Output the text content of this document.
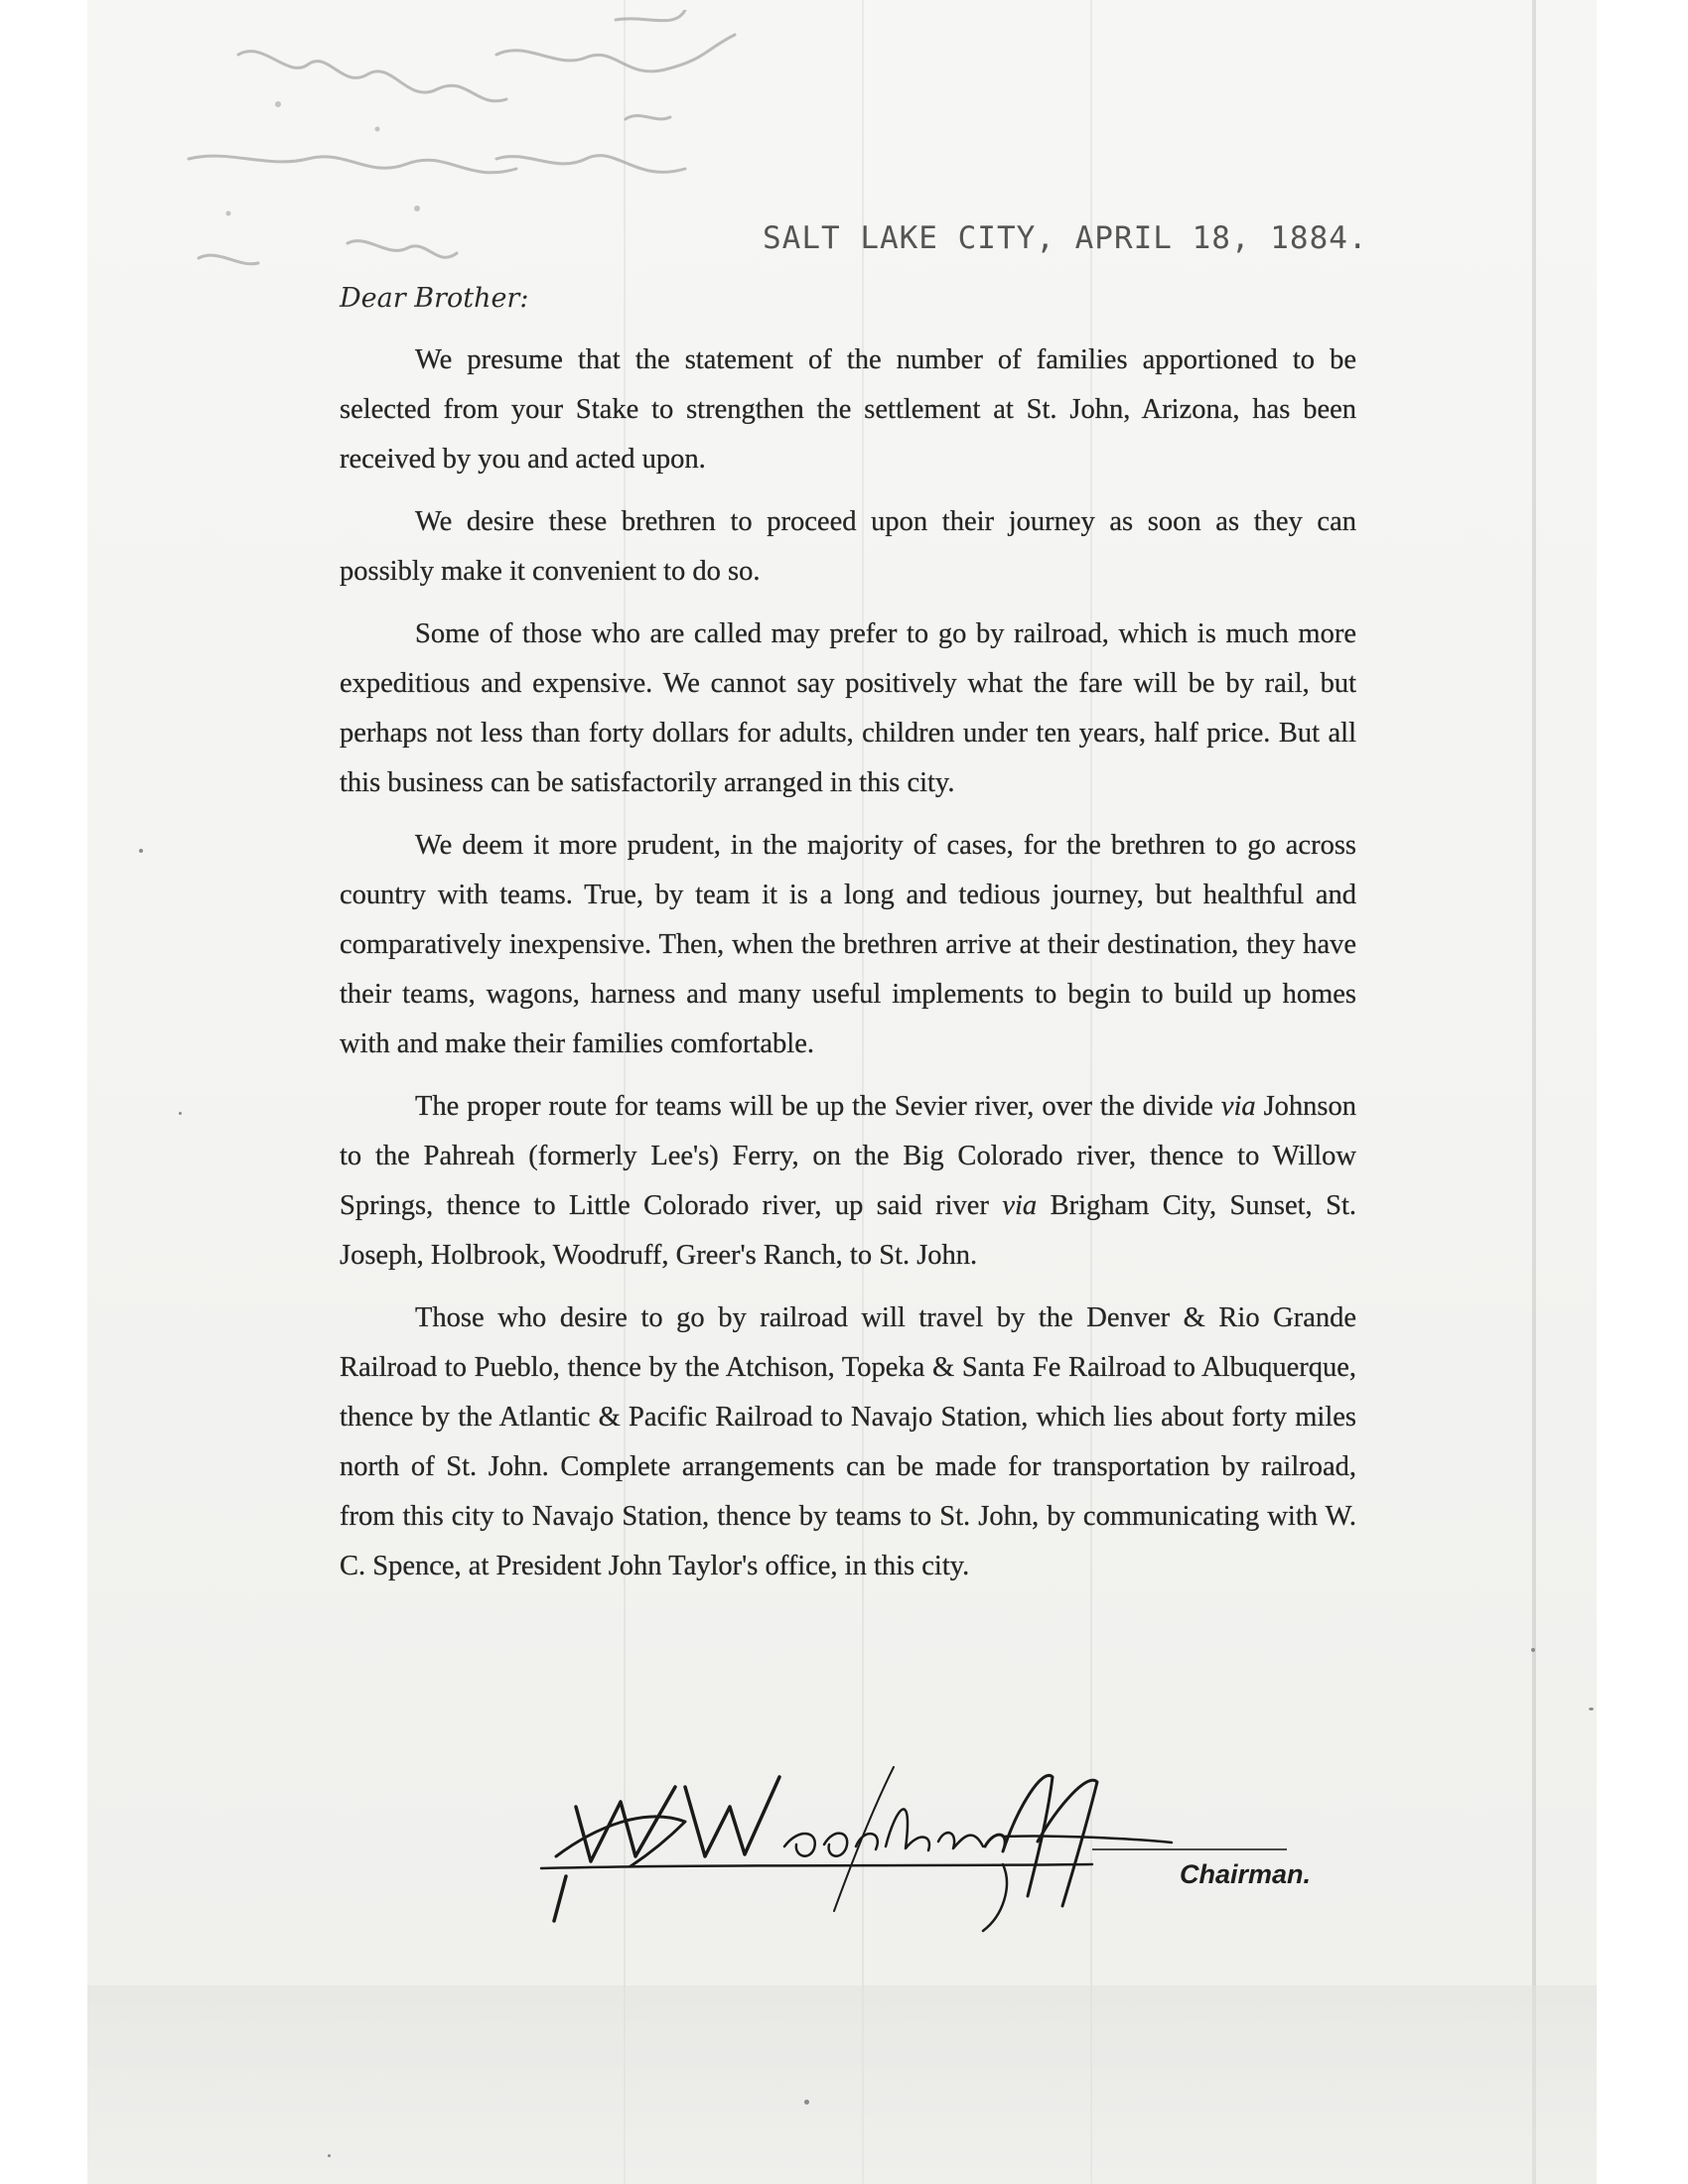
SALT LAKE CITY, APRIL 18, 1884.
Dear Brother:

We presume that the statement of the number of families apportioned to be selected from your Stake to strengthen the settlement at St. John, Arizona, has been received by you and acted upon.

We desire these brethren to proceed upon their journey as soon as they can possibly make it convenient to do so.

Some of those who are called may prefer to go by railroad, which is much more expeditious and expensive. We cannot say positively what the fare will be by rail, but perhaps not less than forty dollars for adults, children under ten years, half price. But all this business can be satisfactorily arranged in this city.

We deem it more prudent, in the majority of cases, for the brethren to go across country with teams. True, by team it is a long and tedious journey, but healthful and comparatively inexpensive. Then, when the brethren arrive at their destination, they have their teams, wagons, harness and many useful implements to begin to build up homes with and make their families comfortable.

The proper route for teams will be up the Sevier river, over the divide via Johnson to the Pahreah (formerly Lee's) Ferry, on the Big Colorado river, thence to Willow Springs, thence to Little Colorado river, up said river via Brigham City, Sunset, St. Joseph, Holbrook, Woodruff, Greer's Ranch, to St. John.

Those who desire to go by railroad will travel by the Denver & Rio Grande Railroad to Pueblo, thence by the Atchison, Topeka & Santa Fe Railroad to Albuquerque, thence by the Atlantic & Pacific Railroad to Navajo Station, which lies about forty miles north of St. John. Complete arrangements can be made for transportation by railroad, from this city to Navajo Station, thence by teams to St. John, by communicating with W. C. Spence, at President John Taylor's office, in this city.

Chairman.
